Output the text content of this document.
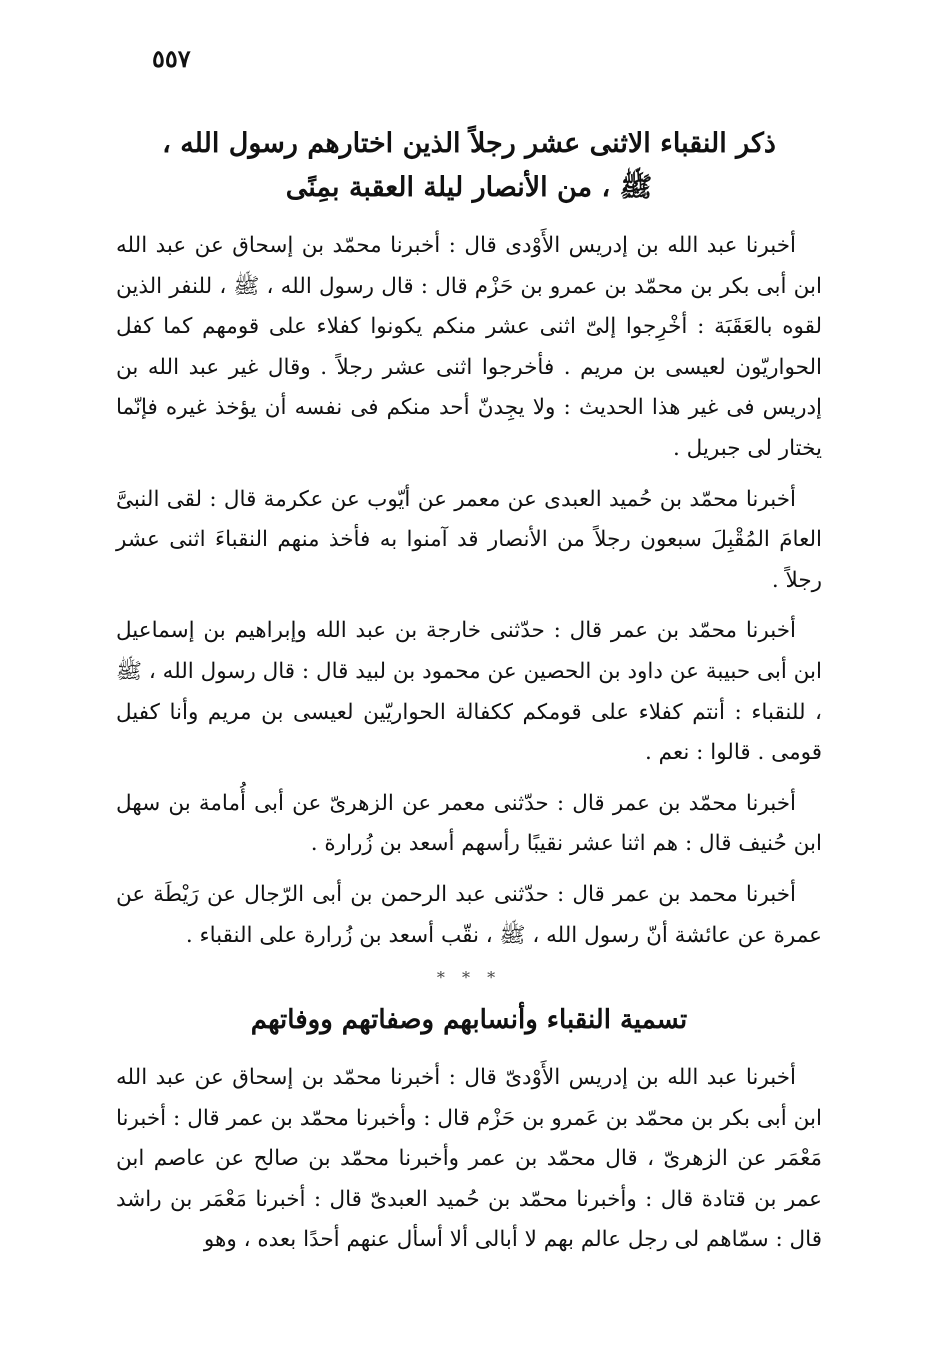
٥٥٧
ذكر النقباء الاثنى عشر رجلاً الذين اختارهم رسول الله ،
ﷺ ، من الأنصار ليلة العقبة بمِنًى

أخبرنا عبد الله بن إدريس الأَوْدى قال : أخبرنا محمّد بن إسحاق عن عبد الله ابن أبى بكر بن محمّد بن عمرو بن حَزْم قال : قال رسول الله ، ﷺ ، للنفر الذين لقوه بالعَقَبَة : أخْرِجوا إلىّ اثنى عشر منكم يكونوا كفلاء على قومهم كما كفل الحواريّون لعيسى بن مريم . فأخرجوا اثنى عشر رجلاً . وقال غير عبد الله بن إدريس فى غير هذا الحديث : ولا يجِدنّ أحد منكم فى نفسه أن يؤخذ غيره فإنّما يختار لى جبريل .

أخبرنا محمّد بن حُميد العبدى عن معمر عن أيّوب عن عكرمة قال : لقى النبىَّ العامَ المُقْبِلَ سبعون رجلاً من الأنصار قد آمنوا به فأخذ منهم النقباءَ اثنى عشر رجلاً .

أخبرنا محمّد بن عمر قال : حدّثنى خارجة بن عبد الله وإبراهيم بن إسماعيل ابن أبى حبيبة عن داود بن الحصين عن محمود بن لبيد قال : قال رسول الله ، ﷺ ، للنقباء : أنتم كفلاء على قومكم ككفالة الحواريّين لعيسى بن مريم وأنا كفيل قومى . قالوا : نعم .

أخبرنا محمّد بن عمر قال : حدّثنى معمر عن الزهرىّ عن أبى أُمامة بن سهل ابن حُنيف قال : هم اثنا عشر نقيبًا رأسهم أسعد بن زُرارة .

أخبرنا محمد بن عمر قال : حدّثنى عبد الرحمن بن أبى الرّجال عن رَيْطَة عن عمرة عن عائشة أنّ رسول الله ، ﷺ ، نقّب أسعد بن زُرارة على النقباء .

* * *
تسمية النقباء وأنسابهم وصفاتهم ووفاتهم

أخبرنا عبد الله بن إدريس الأَوْدىّ قال : أخبرنا محمّد بن إسحاق عن عبد الله ابن أبى بكر بن محمّد بن عَمرو بن حَزْم قال : وأخبرنا محمّد بن عمر قال : أخبرنا مَعْمَر عن الزهرىّ ، قال محمّد بن عمر وأخبرنا محمّد بن صالح عن عاصم ابن عمر بن قتادة قال : وأخبرنا محمّد بن حُميد العبدىّ قال : أخبرنا مَعْمَر بن راشد قال : سمّاهم لى رجل عالم بهم لا أبالى ألا أسأل عنهم أحدًا بعده ، وهو
